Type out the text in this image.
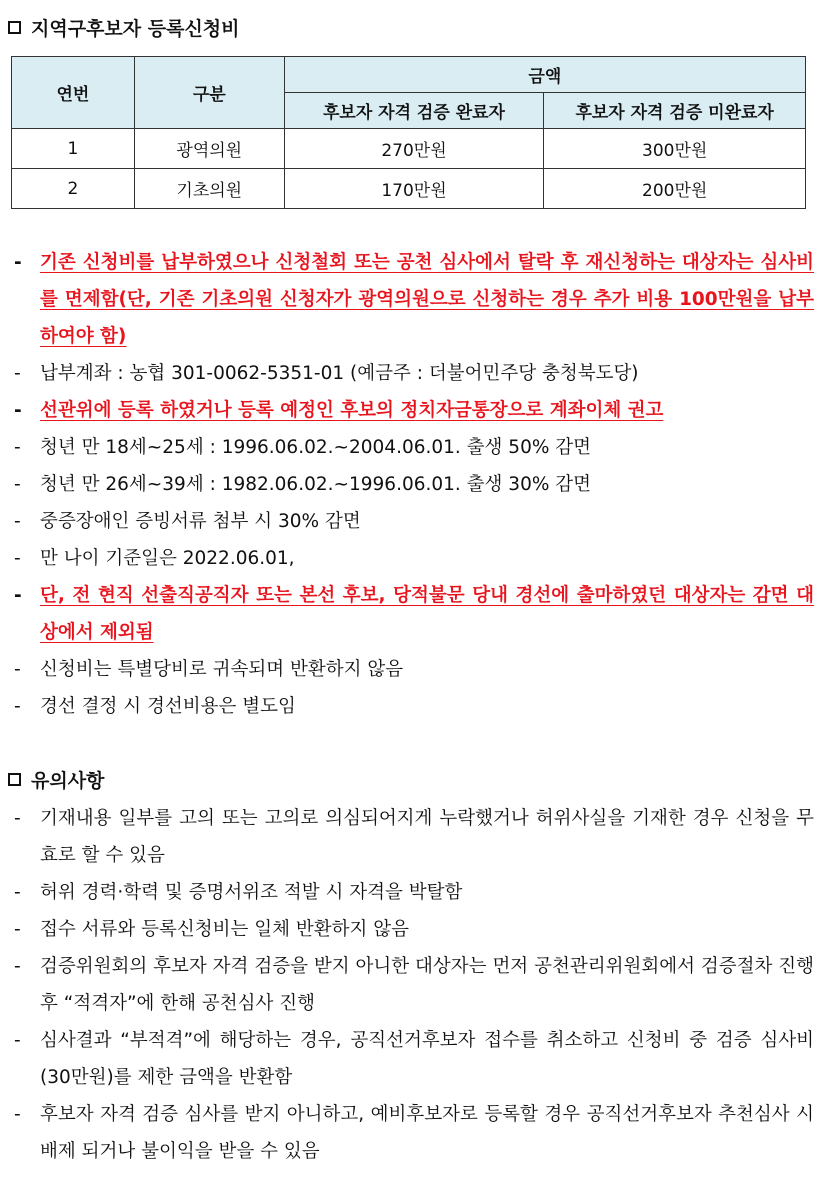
지역구후보자 등록신청비
연번	구분	금액	
		후보자 자격 검증 완료자	후보자 자격 검증 미완료자
1	광역의원	270만원	300만원
2	기초의원	170만원	200만원
- 기존 신청비를 납부하였으나 신청철회 또는 공천 심사에서 탈락 후 재신청하는 대상자는 심사비를 면제함(단, 기존 기초의원 신청자가 광역의원으로 신청하는 경우 추가 비용 100만원을 납부하여야 함)
-	납부계좌 : 농협 301-0062-5351-01 (예금주 : 더불어민주당 충청북도당)
- 선관위에 등록 하였거나 등록 예정인 후보의 정치자금통장으로 계좌이체 권고
-	청년 만 18세~25세 : 1996.06.02.~2004.06.01. 출생 50% 감면
-	청년 만 26세~39세 : 1982.06.02.~1996.06.01. 출생 30% 감면
-	중증장애인 증빙서류 첨부 시 30% 감면
-	만 나이 기준일은 2022.06.01,
- 단, 전 현직 선출직공직자 또는 본선 후보, 당적불문 당내 경선에 출마하였던 대상자는 감면 대상에서 제외됨
-	신청비는 특별당비로 귀속되며 반환하지 않음
-	경선 결정 시 경선비용은 별도임
유의사항
-	기재내용 일부를 고의 또는 고의로 의심되어지게 누락했거나 허위사실을 기재한 경우 신청을 무효로 할 수 있음
-	허위 경력·학력 및 증명서위조 적발 시 자격을 박탈함
-	접수 서류와 등록신청비는 일체 반환하지 않음
-	검증위원회의 후보자 자격 검증을 받지 아니한 대상자는 먼저 공천관리위원회에서 검증절차 진행 후 “적격자”에 한해 공천심사 진행
-	심사결과 “부적격”에 해당하는 경우, 공직선거후보자 접수를 취소하고 신청비 중 검증 심사비(30만원)를 제한 금액을 반환함
-	후보자 자격 검증 심사를 받지 아니하고, 예비후보자로 등록할 경우 공직선거후보자 추천심사 시 배제 되거나 불이익을 받을 수 있음
